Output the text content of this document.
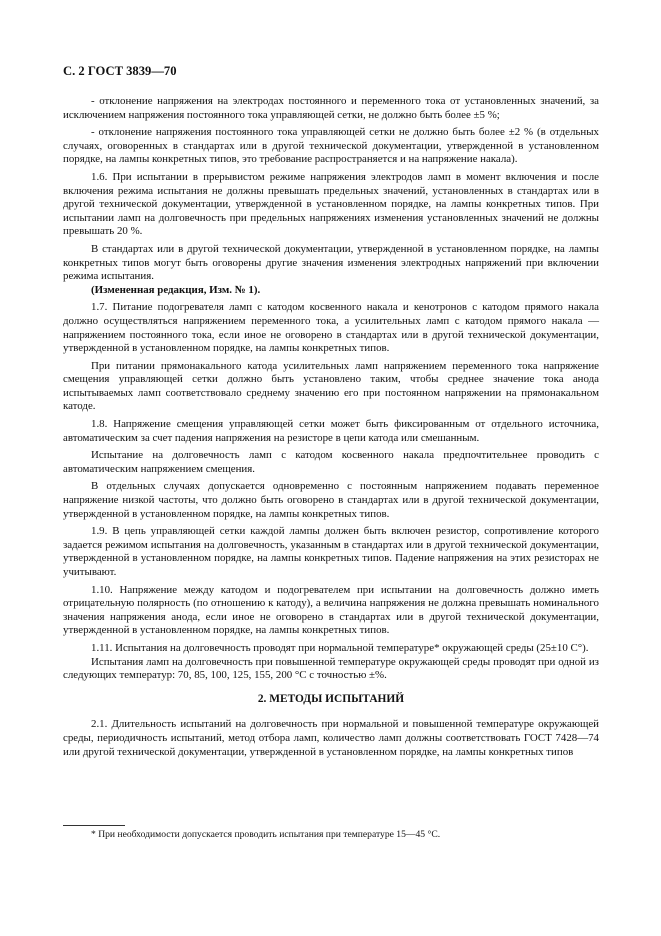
С. 2 ГОСТ 3839—70

- отклонение напряжения на электродах постоянного и переменного тока от установленных значений, за исключением напряжения постоянного тока управляющей сетки, не должно быть более ±5 %;

- отклонение напряжения постоянного тока управляющей сетки не должно быть более ±2 % (в отдельных случаях, оговоренных в стандартах или в другой технической документации, утвержденной в установленном порядке, на лампы конкретных типов, это требование распространяется и на напряжение накала).

1.6. При испытании в прерывистом режиме напряжения электродов ламп в момент включения и после включения режима испытания не должны превышать предельных значений, установленных в стандартах или в другой технической документации, утвержденной в установленном порядке, на лампы конкретных типов. При испытании ламп на долговечность при предельных напряжениях изменения установленных значений не должны превышать 20 %.

В стандартах или в другой технической документации, утвержденной в установленном порядке, на лампы конкретных типов могут быть оговорены другие значения изменения электродных напряжений при включении режима испытания.

(Измененная редакция, Изм. № 1).

1.7. Питание подогревателя ламп с катодом косвенного накала и кенотронов с катодом прямого накала должно осуществляться напряжением переменного тока, а усилительных ламп с катодом прямого накала — напряжением постоянного тока, если иное не оговорено в стандартах или в другой технической документации, утвержденной в установленном порядке, на лампы конкретных типов.

При питании прямонакального катода усилительных ламп напряжением переменного тока напряжение смещения управляющей сетки должно быть установлено таким, чтобы среднее значение тока анода испытываемых ламп соответствовало среднему значению его при постоянном напряжении на прямонакальном катоде.

1.8. Напряжение смещения управляющей сетки может быть фиксированным от отдельного источника, автоматическим за счет падения напряжения на резисторе в цепи катода или смешанным.

Испытание на долговечность ламп с катодом косвенного накала предпочтительнее проводить с автоматическим напряжением смещения.

В отдельных случаях допускается одновременно с постоянным напряжением подавать переменное напряжение низкой частоты, что должно быть оговорено в стандартах или в другой технической документации, утвержденной в установленном порядке, на лампы конкретных типов.

1.9. В цепь управляющей сетки каждой лампы должен быть включен резистор, сопротивление которого задается режимом испытания на долговечность, указанным в стандартах или в другой технической документации, утвержденной в установленном порядке, на лампы конкретных типов. Падение напряжения на этих резисторах не учитывают.

1.10. Напряжение между катодом и подогревателем при испытании на долговечность должно иметь отрицательную полярность (по отношению к катоду), а величина напряжения не должна превышать номинального значения напряжения анода, если иное не оговорено в стандартах или в другой технической документации, утвержденной в установленном порядке, на лампы конкретных типов.

1.11. Испытания на долговечность проводят при нормальной температуре* окружающей среды (25±10 С°).

Испытания ламп на долговечность при повышенной температуре окружающей среды проводят при одной из следующих температур: 70, 85, 100, 125, 155, 200 °С с точностью ±%.

2. МЕТОДЫ ИСПЫТАНИЙ

2.1. Длительность испытаний на долговечность при нормальной и повышенной температуре окружающей среды, периодичность испытаний, метод отбора ламп, количество ламп должны соответствовать ГОСТ 7428—74 или другой технической документации, утвержденной в установленном порядке, на лампы конкретных типов

* При необходимости допускается проводить испытания при температуре 15—45 °С.
